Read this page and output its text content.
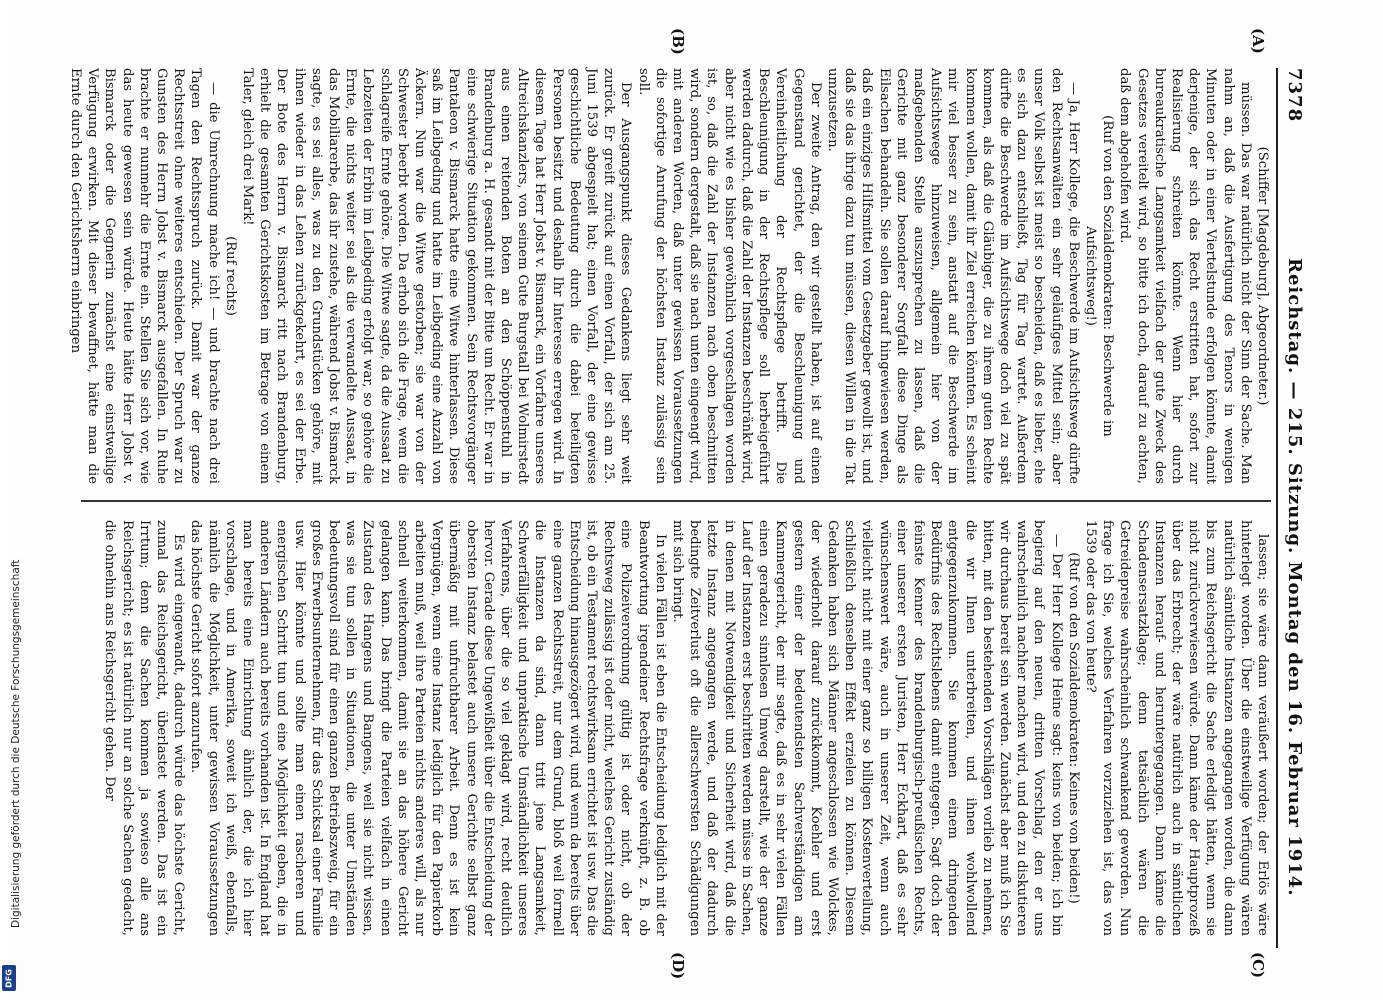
7378
Reichstag. — 215. Sitzung. Montag den 16. Februar 1914.
(A)
(B)
(C)
(D)

(Schiffer [Magdeburg], Abgeordneter.)

müssen. Das war natürlich nicht der Sinn der Sache. Man nahm an, daß die Ausfertigung des Tenors in wenigen Minuten oder in einer Viertelstunde erfolgen könnte, damit derjenige, der sich das Recht erstritten hat, sofort zur Realisierung schreiten könnte. Wenn hier durch bureaukratische Langsamkeit vielfach der gute Zweck des Gesetzes vereitelt wird, so bitte ich doch, darauf zu achten, daß dem abgeholfen wird.

(Ruf von den Sozialdemokraten: Beschwerde im Aufsichtsweg!)

— Ja, Herr Kollege, die Beschwerde im Aufsichtsweg dürfte den Rechtsanwälten ein sehr geläufiges Mittel sein; aber unser Volk selbst ist meist so bescheiden, daß es lieber, ehe es sich dazu entschließt, Tag für Tag wartet. Außerdem dürfte die Beschwerde im Aufsichtswege doch viel zu spät kommen, als daß die Gläubiger, die zu ihrem guten Rechte kommen wollen, damit ihr Ziel erreichen könnten. Es scheint mir viel besser zu sein, anstatt auf die Beschwerde im Aufsichtswege hinzuweisen, allgemein hier von der maßgebenden Stelle auszusprechen zu lassen, daß die Gerichte mit ganz besonderer Sorgfalt diese Dinge als Eilsachen behandeln. Sie sollen darauf hingewiesen werden, daß ein einziges Hilfsmittel vom Gesetzgeber gewollt ist, und daß sie das ihrige dazu tun müssen, diesen Willen in die Tat umzusetzen.

Der zweite Antrag, den wir gestellt haben, ist auf einen Gegenstand gerichtet, der die Beschleunigung und Vereinheitlichung der Rechtspflege betrifft. Die Beschleunigung in der Rechtspflege soll herbeigeführt werden dadurch, daß die Zahl der Instanzen beschränkt wird, aber nicht wie es bisher gewöhnlich vorgeschlagen worden ist, so, daß die Zahl der Instanzen nach oben beschnitten wird, sondern dergestalt, daß sie nach unten eingeengt wird, mit anderen Worten, daß unter gewissen Voraussetzungen die sofortige Anrufung der höchsten Instanz zulässig sein soll.

Der Ausgangspunkt dieses Gedankens liegt sehr weit zurück. Er greift zurück auf einen Vorfall, der sich am 25. Juni 1539 abgespielt hat; einen Vorfall, der eine gewisse geschichtliche Bedeutung durch die dabei beteiligten Personen besitzt und deshalb Ihr Interesse erregen wird. In diesem Tage hat Herr Jobst v. Bismarck, ein Vorfahre unseres Altreichskanzlers, von seinem Gute Burgstall bei Wolmirstedt aus einen reitenden Boten an den Schöppenstuhl in Brandenburg a. H. gesandt mit der Bitte um Recht. Er war in eine schwierige Situation gekommen. Sein Rechtsvorgänger Pantaleon v. Bismarck hatte eine Witwe hinterlassen. Diese saß im Leibgeding und hatte im Leibgeding eine Anzahl von Äckern. Nun war die Witwe gestorben; sie war von der Schwester beerbt worden. Da erhob sich die Frage, wem die schlagreife Ernte gehöre. Die Witwe sagte, da die Aussaat zu Lebzeiten der Erbin im Leibgeding erfolgt war, so gehöre die Ernte, die nichts weiter sei als die verwandelte Aussaat, in das Mobiliarerbe, das ihr zustehe, während Jobst v. Bismarck sagte, es sei alles, was zu den Grundstücken gehöre, mit ihnen wieder in das Lehen zurückgekehrt, es sei der Erbe. Der Bote des Herrn v. Bismarck ritt nach Brandenburg, erhielt die gesamten Gerichtskosten im Betrage von einem Taler, gleich drei Mark!

(Ruf rechts)

— die Umrechnung mache ich! — und brachte nach drei Tagen den Rechtsspruch zurück. Damit war der ganze Rechtsstreit ohne weiteres entschieden. Der Spruch war zu Gunsten des Herrn Jobst v. Bismarck ausgefallen. In Ruhe brachte er nunmehr die Ernte ein. Stellen Sie sich vor, wie das heute gewesen sein würde. Heute hätte Herr Jobst v. Bismarck oder die Gegnerin zunächst eine einstweilige Verfügung erwirken. Mit dieser bewaffnet, hätte man die Ernte durch den Gerichtsherrn einbringen

lassen; sie wäre dann veräußert worden; der Erlös wäre hinterlegt worden. Über die einstweilige Verfügung wären natürlich sämtliche Instanzen angegangen worden, die dann bis zum Reichsgericht die Sache erledigt hätten, wenn sie nicht zurückverwiesen würde. Dann käme der Hauptprozeß über das Erbrecht; der wäre natürlich auch in sämtlichen Instanzen herauf- und heruntergegangen. Dann käme die Schadensersatzklage; denn tatsächlich wären die Getreidepreise wahrscheinlich schwankend geworden. Nun frage ich Sie, welches Verfahren vorzuziehen ist, das von 1539 oder das von heute?

(Ruf von den Sozialdemokraten: Keines von beiden!)

— Der Herr Kollege Heine sagt: keins von beiden; ich bin begierig auf den neuen, dritten Vorschlag, den er uns wahrscheinlich nachher machen wird, und den zu diskutieren wir durchaus bereit sein werden. Zunächst aber muß ich Sie bitten, mit den bestehenden Vorschlägen vorlieb zu nehmen, die wir Ihnen unterbreiten, und ihnen wohlwollend entgegenzukommen. Sie kommen einem dringenden Bedürfnis des Rechtslebens damit entgegen. Sagt doch der feinste Kenner des brandenburgisch-preußischen Rechts, einer unserer ersten Juristen, Herr Eckhart, daß es sehr wünschenswert wäre, auch in unserer Zeit, wenn auch vielleicht nicht mit einer ganz so billigen Kostenverteilung, schließlich denselben Effekt erzielen zu können. Diesem Gedanken haben sich Männer angeschlossen wie Wolckes, der wiederholt darauf zurückkommt, Koehler und erst gestern einer der bedeutendsten Sachverständigen am Kammergericht, der mir sagte, daß es in sehr vielen Fällen einen geradezu sinnlosen Umweg darstellt, wie der ganze Lauf der Instanzen erst beschritten werden müsse in Sachen, in denen mit Notwendigkeit und Sicherheit wird, daß die letzte Instanz angegangen werde, und daß der dadurch bedingte Zeitverlust oft die allerschwersten Schädigungen mit sich bringt.

In vielen Fällen ist eben die Entscheidung lediglich mit der Beantwortung irgendeiner Rechtsfrage verknüpft, z. B. ob eine Polizeiverordnung gültig ist oder nicht, ob der Rechtsweg zulässig ist oder nicht, welches Gericht zuständig ist, ob ein Testament rechtswirksam errichtet ist usw. Das die Entscheidung hinausgezögert wird, und wenn da bereits über eine ganzen Rechtsstreit, nur dem Grund, bloß weil formell die Instanzen da sind, dann tritt jene Langsamkeit, Schwerfälligkeit und unpraktische Umständlichkeit unseres Verfahrens, über die so viel geklagt wird, recht deutlich hervor. Gerade diese Ungewißheit über die Entscheidung der obersten Instanz belastet auch unsere Gerichte selbst ganz übermäßig mit unfruchtbarer Arbeit. Denn es ist kein Vergnügen, wenn eine Instanz lediglich für den Papierkorb arbeiten muß, weil ihre Parteien nichts anderes will, als nur schnell weiterkommen, damit sie an das höhere Gericht gelangen kann. Das bringt die Parteien vielfach in einen Zustand des Hangens und Bangens, weil sie nicht wissen, was sie tun sollen in Situationen, die unter Umständen bedeutungsvoll sind für einen ganzen Betriebszweig, für ein großes Erwerbsunternehmen, für das Schicksal einer Familie usw. Hier könnte und sollte man einen rascheren und energischen Schritt tun und eine Möglichkeit geben, die in anderen Ländern auch bereits vorhanden ist. In England hat man bereits eine Einrichtung ähnlich der, die ich hier vorschlage, und in Amerika, soweit ich weiß, ebenfalls, nämlich die Möglichkeit, unter gewissen Voraussetzungen das höchste Gericht sofort anzurufen.

Es wird eingewandt, dadurch würde das höchste Gericht, zumal das Reichsgericht, überlastet werden. Das ist ein Irrtum; denn die Sachen kommen ja sowieso alle ans Reichsgericht; es ist natürlich nur an solche Sachen gedacht, die ohnehin ans Reichsgericht gehen. Der

Digitalisierung gefördert durch die Deutsche Forschungsgemeinschaft
DFG
